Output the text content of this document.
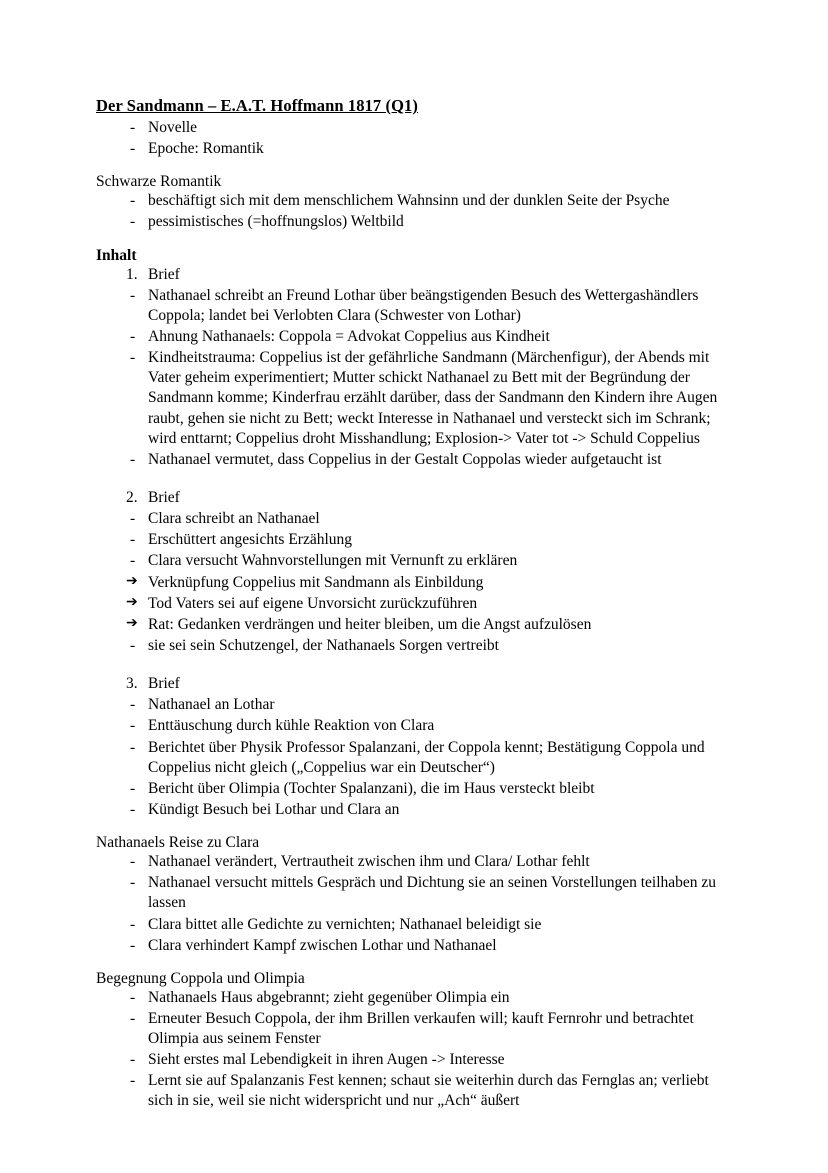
Der Sandmann – E.A.T. Hoffmann 1817 (Q1)
- Novelle
- Epoche: Romantik
Schwarze Romantik
- beschäftigt sich mit dem menschlichem Wahnsinn und der dunklen Seite der Psyche
- pessimistisches (=hoffnungslos) Weltbild
Inhalt
Brief
- Nathanael schreibt an Freund Lothar über beängstigenden Besuch des Wettergashändlers Coppola; landet bei Verlobten Clara (Schwester von Lothar)
- Ahnung Nathanaels: Coppola = Advokat Coppelius aus Kindheit
- Kindheitstrauma: Coppelius ist der gefährliche Sandmann (Märchenfigur), der Abends mit Vater geheim experimentiert; Mutter schickt Nathanael zu Bett mit der Begründung der Sandmann komme; Kinderfrau erzählt darüber, dass der Sandmann den Kindern ihre Augen raubt, gehen sie nicht zu Bett; weckt Interesse in Nathanael und versteckt sich im Schrank; wird enttarnt; Coppelius droht Misshandlung; Explosion-> Vater tot -> Schuld Coppelius
- Nathanael vermutet, dass Coppelius in der Gestalt Coppolas wieder aufgetaucht ist
Brief
- Clara schreibt an Nathanael
- Erschüttert angesichts Erzählung
- Clara versucht Wahnvorstellungen mit Vernunft zu erklären
➔ Verknüpfung Coppelius mit Sandmann als Einbildung
➔ Tod Vaters sei auf eigene Unvorsicht zurückzuführen
➔ Rat: Gedanken verdrängen und heiter bleiben, um die Angst aufzulösen
- sie sei sein Schutzengel, der Nathanaels Sorgen vertreibt
Brief
- Nathanael an Lothar
- Enttäuschung durch kühle Reaktion von Clara
- Berichtet über Physik Professor Spalanzani, der Coppola kennt; Bestätigung Coppola und Coppelius nicht gleich („Coppelius war ein Deutscher“)
- Bericht über Olimpia (Tochter Spalanzani), die im Haus versteckt bleibt
- Kündigt Besuch bei Lothar und Clara an
Nathanaels Reise zu Clara
- Nathanael verändert, Vertrautheit zwischen ihm und Clara/ Lothar fehlt
- Nathanael versucht mittels Gespräch und Dichtung sie an seinen Vorstellungen teilhaben zu lassen
- Clara bittet alle Gedichte zu vernichten; Nathanael beleidigt sie
- Clara verhindert Kampf zwischen Lothar und Nathanael
Begegnung Coppola und Olimpia
- Nathanaels Haus abgebrannt; zieht gegenüber Olimpia ein
- Erneuter Besuch Coppola, der ihm Brillen verkaufen will; kauft Fernrohr und betrachtet Olimpia aus seinem Fenster
- Sieht erstes mal Lebendigkeit in ihren Augen -> Interesse
- Lernt sie auf Spalanzanis Fest kennen; schaut sie weiterhin durch das Fernglas an; verliebt sich in sie, weil sie nicht widerspricht und nur „Ach“ äußert
